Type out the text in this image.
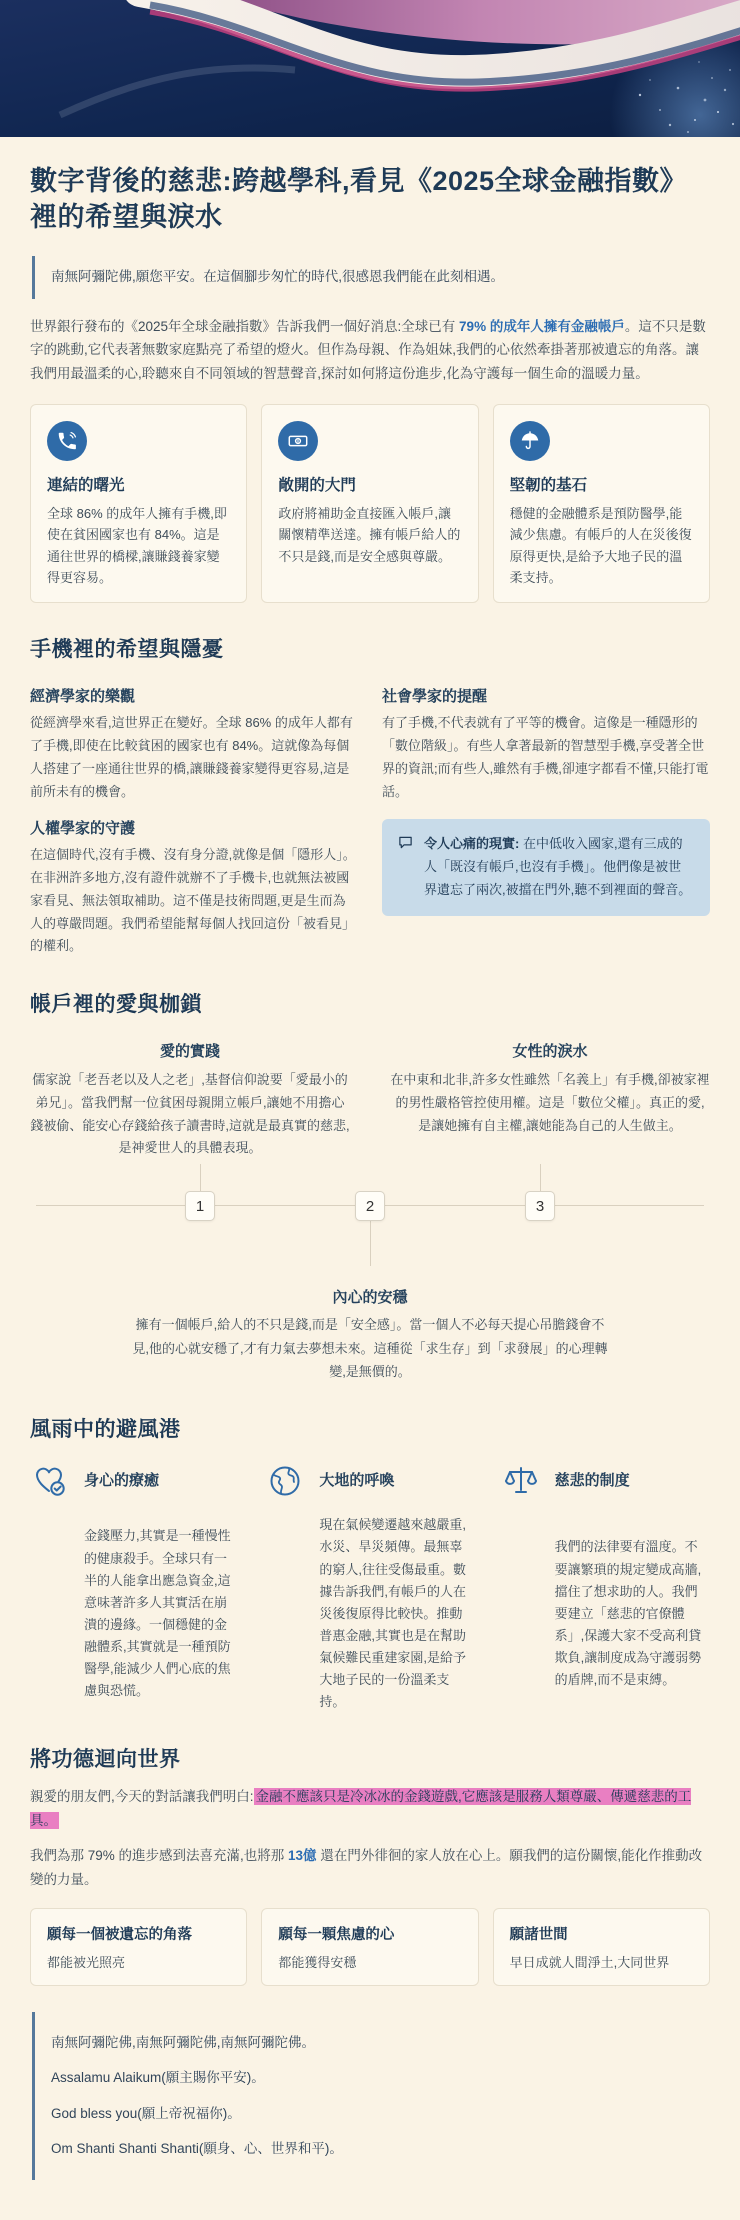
數字背後的慈悲:跨越學科,看見《2025全球金融指數》裡的希望與淚水
南無阿彌陀佛,願您平安。在這個腳步匆忙的時代,很感恩我們能在此刻相遇。

世界銀行發布的《2025年全球金融指數》告訴我們一個好消息:全球已有 79% 的成年人擁有金融帳戶。這不只是數字的跳動,它代表著無數家庭點亮了希望的燈火。但作為母親、作為姐妹,我們的心依然牽掛著那被遺忘的角落。讓我們用最溫柔的心,聆聽來自不同領域的智慧聲音,探討如何將這份進步,化為守護每一個生命的溫暖力量。

連結的曙光

全球 86% 的成年人擁有手機,即使在貧困國家也有 84%。這是通往世界的橋樑,讓賺錢養家變得更容易。

敞開的大門

政府將補助金直接匯入帳戶,讓關懷精準送達。擁有帳戶給人的不只是錢,而是安全感與尊嚴。

堅韌的基石

穩健的金融體系是預防醫學,能減少焦慮。有帳戶的人在災後復原得更快,是給予大地子民的溫柔支持。

手機裡的希望與隱憂
經濟學家的樂觀

從經濟學來看,這世界正在變好。全球 86% 的成年人都有了手機,即使在比較貧困的國家也有 84%。這就像為每個人搭建了一座通往世界的橋,讓賺錢養家變得更容易,這是前所未有的機會。

人權學家的守護

在這個時代,沒有手機、沒有身分證,就像是個「隱形人」。在非洲許多地方,沒有證件就辦不了手機卡,也就無法被國家看見、無法領取補助。這不僅是技術問題,更是生而為人的尊嚴問題。我們希望能幫每個人找回這份「被看見」的權利。

社會學家的提醒

有了手機,不代表就有了平等的機會。這像是一種隱形的「數位階級」。有些人拿著最新的智慧型手機,享受著全世界的資訊;而有些人,雖然有手機,卻連字都看不懂,只能打電話。

令人心痛的現實: 在中低收入國家,還有三成的人「既沒有帳戶,也沒有手機」。他們像是被世界遺忘了兩次,被擋在門外,聽不到裡面的聲音。
帳戶裡的愛與枷鎖
愛的實踐

儒家說「老吾老以及人之老」,基督信仰說要「愛最小的弟兄」。當我們幫一位貧困母親開立帳戶,讓她不用擔心錢被偷、能安心存錢給孩子讀書時,這就是最真實的慈悲,是神愛世人的具體表現。

女性的淚水

在中東和北非,許多女性雖然「名義上」有手機,卻被家裡的男性嚴格管控使用權。這是「數位父權」。真正的愛,是讓她擁有自主權,讓她能為自己的人生做主。

1	2	3
內心的安穩

擁有一個帳戶,給人的不只是錢,而是「安全感」。當一個人不必每天提心吊膽錢會不見,他的心就安穩了,才有力氣去夢想未來。這種從「求生存」到「求發展」的心理轉變,是無價的。

風雨中的避風港
身心的療癒

金錢壓力,其實是一種慢性的健康殺手。全球只有一半的人能拿出應急資金,這意味著許多人其實活在崩潰的邊緣。一個穩健的金融體系,其實就是一種預防醫學,能減少人們心底的焦慮與恐慌。

大地的呼喚

現在氣候變遷越來越嚴重,水災、旱災頻傳。最無辜的窮人,往往受傷最重。數據告訴我們,有帳戶的人在災後復原得比較快。推動普惠金融,其實也是在幫助氣候難民重建家園,是給予大地子民的一份溫柔支持。

慈悲的制度

我們的法律要有溫度。不要讓繁瑣的規定變成高牆,擋住了想求助的人。我們要建立「慈悲的官僚體系」,保護大家不受高利貸欺負,讓制度成為守護弱勢的盾牌,而不是束縛。

將功德迴向世界

親愛的朋友們,今天的對話讓我們明白: 金融不應該只是冷冰冰的金錢遊戲,它應該是服務人類尊嚴、傳遞慈悲的工具。

我們為那 79% 的進步感到法喜充滿,也將那 13億 還在門外徘徊的家人放在心上。願我們的這份關懷,能化作推動改變的力量。

願每一個被遺忘的角落

都能被光照亮

願每一顆焦慮的心

都能獲得安穩

願諸世間

早日成就人間淨土,大同世界

南無阿彌陀佛,南無阿彌陀佛,南無阿彌陀佛。

Assalamu Alaikum(願主賜你平安)。

God bless you(願上帝祝福你)。

Om Shanti Shanti Shanti(願身、心、世界和平)。
